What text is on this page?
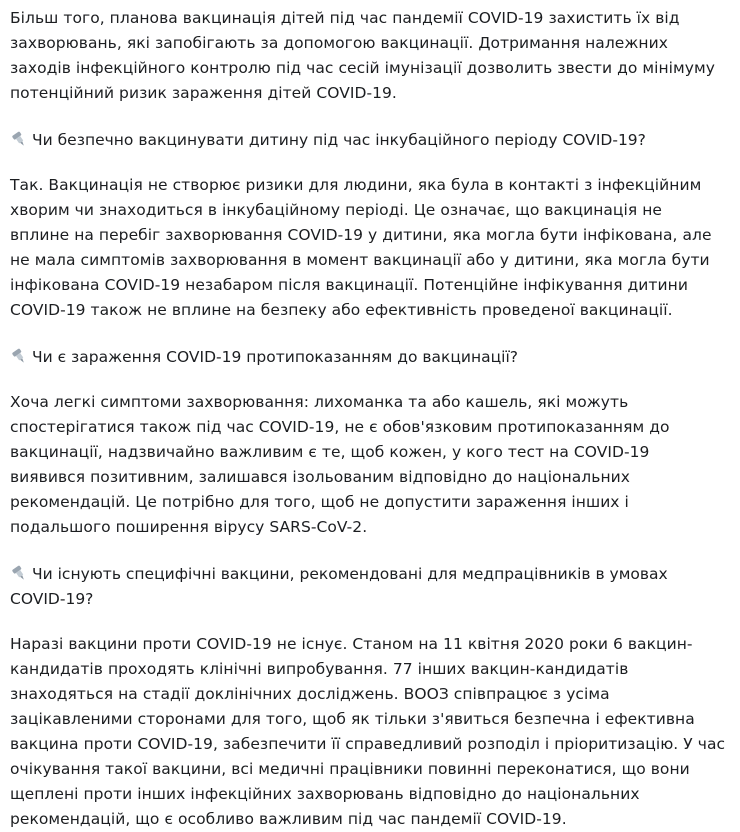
Більш того, планова вакцинація дітей під час пандемії COVID-19 захистить їх від захворювань, які запобігають за допомогою вакцинації. Дотримання належних заходів інфекційного контролю під час сесій імунізації дозволить звести до мінімуму потенційний ризик зараження дітей COVID-19.

Чи безпечно вакцинувати дитину під час інкубаційного періоду COVID-19?

Так. Вакцинація не створює ризики для людини, яка була в контакті з інфекційним хворим чи знаходиться в інкубаційному періоді. Це означає, що вакцинація не вплине на перебіг захворювання COVID-19 у дитини, яка могла бути інфікована, але не мала симптомів захворювання в момент вакцинації або у дитини, яка могла бути інфікована COVID-19 незабаром після вакцинації. Потенційне інфікування дитини COVID-19 також не вплине на безпеку або ефективність проведеної вакцинації.

Чи є зараження COVID-19 протипоказанням до вакцинації?

Хоча легкі симптоми захворювання: лихоманка та або кашель, які можуть спостерігатися також під час COVID-19, не є обов'язковим протипоказанням до вакцинації, надзвичайно важливим є те, щоб кожен, у кого тест на COVID-19 виявився позитивним, залишався ізольованим відповідно до національних рекомендацій. Це потрібно для того, щоб не допустити зараження інших і подальшого поширення вірусу SARS-CoV-2.

Чи існують специфічні вакцини, рекомендовані для медпрацівників в умовах COVID-19?

Наразі вакцини проти COVID-19 не існує. Станом на 11 квітня 2020 роки 6 вакцин-кандидатів проходять клінічні випробування. 77 інших вакцин-кандидатів знаходяться на стадії доклінічних досліджень. ВООЗ співпрацює з усіма зацікавленими сторонами для того, щоб як тільки з'явиться безпечна і ефективна вакцина проти COVID-19, забезпечити її справедливий розподіл і пріоритизацію. У час очікування такої вакцини, всі медичні працівники повинні переконатися, що вони щеплені проти інших інфекційних захворювань відповідно до національних рекомендацій, що є особливо важливим під час пандемії COVID-19.
